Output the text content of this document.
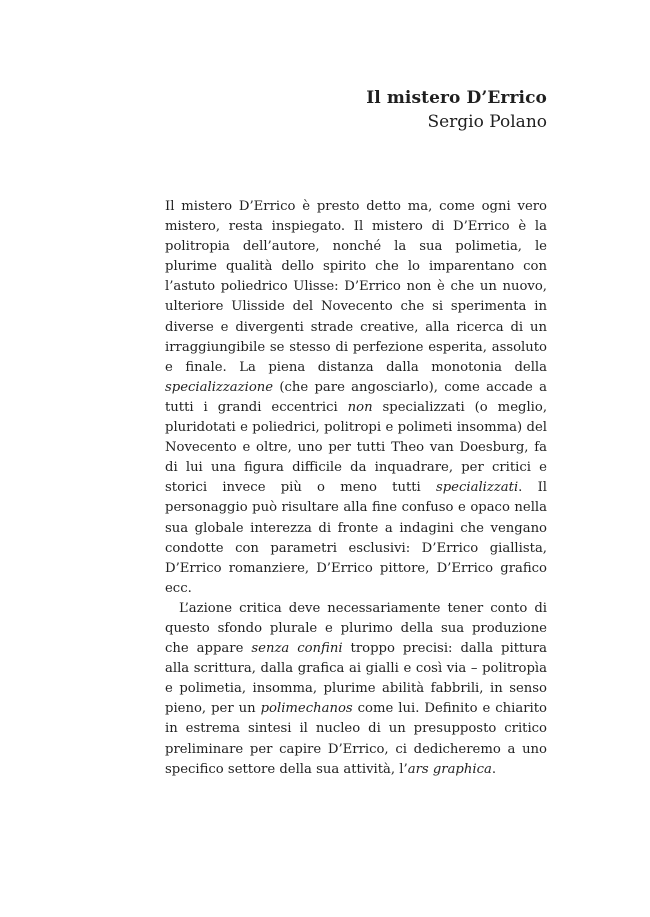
Il mistero D’Errico
Sergio Polano

Il mistero D’Errico è presto detto ma, come ogni vero mistero, resta inspiegato. Il mistero di D’Errico è la politropia dell’autore, nonché la sua polimetia, le plurime qualità dello spirito che lo imparentano con l’astuto poliedrico Ulisse: D’Errico non è che un nuovo, ulteriore Ulisside del Novecento che si sperimenta in diverse e divergenti strade creative, alla ricerca di un irraggiungibile se stesso di perfezione esperita, assoluto e finale. La piena distanza dalla monotonia della specializzazione (che pare angosciarlo), come accade a tutti i grandi eccentrici non specializzati (o meglio, pluridotati e poliedrici, politropi e polimeti insomma) del Novecento e oltre, uno per tutti Theo van Doesburg, fa di lui una figura difficile da inquadrare, per critici e storici invece più o meno tutti specializzati. Il personaggio può risultare alla fine confuso e opaco nella sua globale interezza di fronte a indagini che vengano condotte con parametri esclusivi: D’Errico giallista, D’Errico romanziere, D’Errico pittore, D’Errico grafico ecc.

L’azione critica deve necessariamente tener conto di questo sfondo plurale e plurimo della sua produzione che appare senza confini troppo precisi: dalla pittura alla scrittura, dalla grafica ai gialli e così via – politropìa e polimetia, insomma, plurime abilità fabbrili, in senso pieno, per un polimechanos come lui. Definito e chiarito in estrema sintesi il nucleo di un presupposto critico preliminare per capire D’Errico, ci dedicheremo a uno specifico settore della sua attività, l’ars graphica.
